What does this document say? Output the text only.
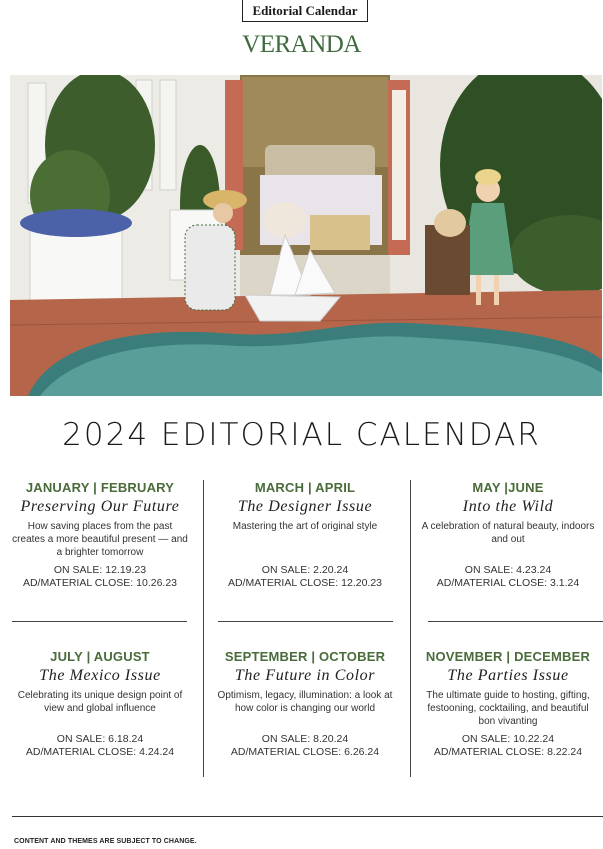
Editorial Calendar
VERANDA
2024 EDITORIAL CALENDAR
JANUARY | FEBRUARY
Preserving Our Future
How saving places from the past creates a more beautiful present — and a brighter tomorrow
ON SALE: 12.19.23
AD/MATERIAL CLOSE: 10.26.23
MARCH | APRIL
The Designer Issue
Mastering the art of original style
ON SALE: 2.20.24
AD/MATERIAL CLOSE: 12.20.23
MAY |JUNE
Into the Wild
A celebration of natural beauty, indoors and out
ON SALE: 4.23.24
AD/MATERIAL CLOSE: 3.1.24
JULY | AUGUST
The Mexico Issue
Celebrating its unique design point of view and global influence
ON SALE: 6.18.24
AD/MATERIAL CLOSE: 4.24.24
SEPTEMBER | OCTOBER
The Future in Color
Optimism, legacy, illumination: a look at how color is changing our world
ON SALE: 8.20.24
AD/MATERIAL CLOSE: 6.26.24
NOVEMBER | DECEMBER
The Parties Issue
The ultimate guide to hosting, gifting, festooning, cocktailing, and beautiful bon vivanting
ON SALE: 10.22.24
AD/MATERIAL CLOSE: 8.22.24
CONTENT AND THEMES ARE SUBJECT TO CHANGE.
